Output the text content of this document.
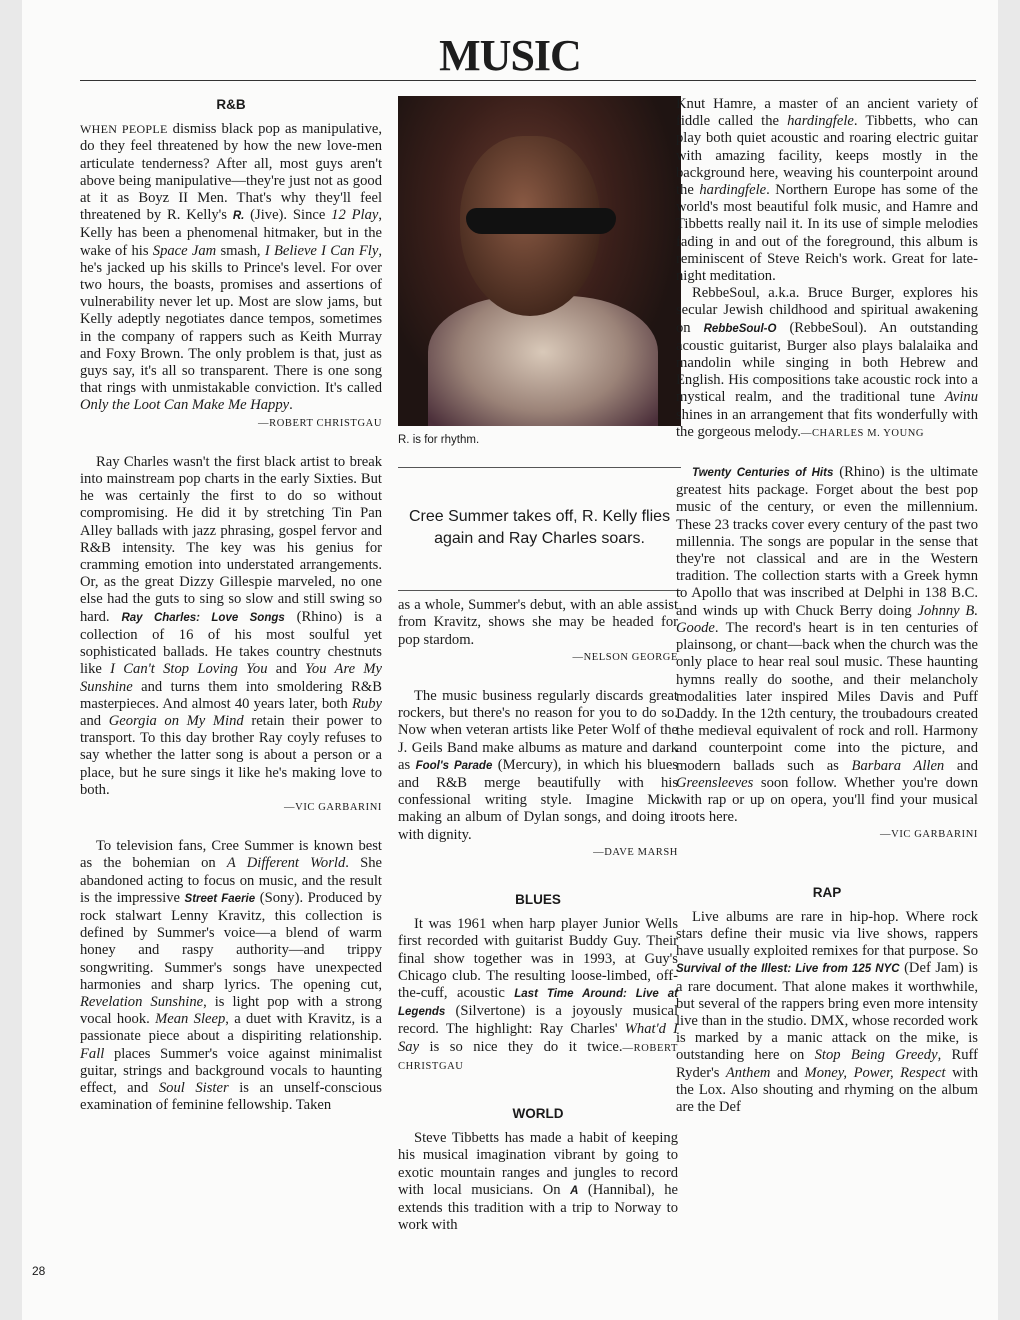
MUSIC
R&B

WHEN PEOPLE dismiss black pop as manipulative, do they feel threatened by how the new love-men articulate tenderness? After all, most guys aren't above being manipulative—they're just not as good at it as Boyz II Men. That's why they'll feel threatened by R. Kelly's R. (Jive). Since 12 Play, Kelly has been a phenomenal hitmaker, but in the wake of his Space Jam smash, I Believe I Can Fly, he's jacked up his skills to Prince's level. For over two hours, the boasts, promises and assertions of vulnerability never let up. Most are slow jams, but Kelly adeptly negotiates dance tempos, sometimes in the company of rappers such as Keith Murray and Foxy Brown. The only problem is that, just as guys say, it's all so transparent. There is one song that rings with unmistakable conviction. It's called Only the Loot Can Make Me Happy.

—ROBERT CHRISTGAU

Ray Charles wasn't the first black artist to break into mainstream pop charts in the early Sixties. But he was certainly the first to do so without compromising. He did it by stretching Tin Pan Alley ballads with jazz phrasing, gospel fervor and R&B intensity. The key was his genius for cramming emotion into understated arrangements. Or, as the great Dizzy Gillespie marveled, no one else had the guts to sing so slow and still swing so hard. Ray Charles: Love Songs (Rhino) is a collection of 16 of his most soulful yet sophisticated ballads. He takes country chestnuts like I Can't Stop Loving You and You Are My Sunshine and turns them into smoldering R&B masterpieces. And almost 40 years later, both Ruby and Georgia on My Mind retain their power to transport. To this day brother Ray coyly refuses to say whether the latter song is about a person or a place, but he sure sings it like he's making love to both.

—VIC GARBARINI

To television fans, Cree Summer is known best as the bohemian on A Different World. She abandoned acting to focus on music, and the result is the impressive Street Faerie (Sony). Produced by rock stalwart Lenny Kravitz, this collection is defined by Summer's voice—a blend of warm honey and raspy authority—and trippy songwriting. Summer's songs have unexpected harmonies and sharp lyrics. The opening cut, Revelation Sunshine, is light pop with a strong vocal hook. Mean Sleep, a duet with Kravitz, is a passionate piece about a dispiriting relationship. Fall places Summer's voice against minimalist guitar, strings and background vocals to haunting effect, and Soul Sister is an unself-conscious examination of feminine fellowship. Taken

R. is for rhythm.
Cree Summer takes off, R. Kelly flies again and Ray Charles soars.

as a whole, Summer's debut, with an able assist from Kravitz, shows she may be headed for pop stardom.

—NELSON GEORGE

The music business regularly discards great rockers, but there's no reason for you to do so. Now when veteran artists like Peter Wolf of the J. Geils Band make albums as mature and dark as Fool's Parade (Mercury), in which his blues and R&B merge beautifully with his confessional writing style. Imagine Mick making an album of Dylan songs, and doing it with dignity.

—DAVE MARSH
BLUES

It was 1961 when harp player Junior Wells first recorded with guitarist Buddy Guy. Their final show together was in 1993, at Guy's Chicago club. The resulting loose-limbed, off-the-cuff, acoustic Last Time Around: Live at Legends (Silvertone) is a joyously musical record. The highlight: Ray Charles' What'd I Say is so nice they do it twice.—ROBERT CHRISTGAU

WORLD

Steve Tibbetts has made a habit of keeping his musical imagination vibrant by going to exotic mountain ranges and jungles to record with local musicians. On A (Hannibal), he extends this tradition with a trip to Norway to work with

Knut Hamre, a master of an ancient variety of fiddle called the hardingfele. Tibbetts, who can play both quiet acoustic and roaring electric guitar with amazing facility, keeps mostly in the background here, weaving his counterpoint around the hardingfele. Northern Europe has some of the world's most beautiful folk music, and Hamre and Tibbetts really nail it. In its use of simple melodies fading in and out of the foreground, this album is reminiscent of Steve Reich's work. Great for late-night meditation.

RebbeSoul, a.k.a. Bruce Burger, explores his secular Jewish childhood and spiritual awakening on RebbeSoul-O (RebbeSoul). An outstanding acoustic guitarist, Burger also plays balalaika and mandolin while singing in both Hebrew and English. His compositions take acoustic rock into a mystical realm, and the traditional tune Avinu shines in an arrangement that fits wonderfully with the gorgeous melody.—CHARLES M. YOUNG

Twenty Centuries of Hits (Rhino) is the ultimate greatest hits package. Forget about the best pop music of the century, or even the millennium. These 23 tracks cover every century of the past two millennia. The songs are popular in the sense that they're not classical and are in the Western tradition. The collection starts with a Greek hymn to Apollo that was inscribed at Delphi in 138 B.C. and winds up with Chuck Berry doing Johnny B. Goode. The record's heart is in ten centuries of plainsong, or chant—back when the church was the only place to hear real soul music. These haunting hymns really do soothe, and their melancholy modalities later inspired Miles Davis and Puff Daddy. In the 12th century, the troubadours created the medieval equivalent of rock and roll. Harmony and counterpoint come into the picture, and modern ballads such as Barbara Allen and Greensleeves soon follow. Whether you're down with rap or up on opera, you'll find your musical roots here.

—VIC GARBARINI
RAP

Live albums are rare in hip-hop. Where rock stars define their music via live shows, rappers have usually exploited remixes for that purpose. So Survival of the Illest: Live from 125 NYC (Def Jam) is a rare document. That alone makes it worthwhile, but several of the rappers bring even more intensity live than in the studio. DMX, whose recorded work is marked by a manic attack on the mike, is outstanding here on Stop Being Greedy, Ruff Ryder's Anthem and Money, Power, Respect with the Lox. Also shouting and rhyming on the album are the Def

28
